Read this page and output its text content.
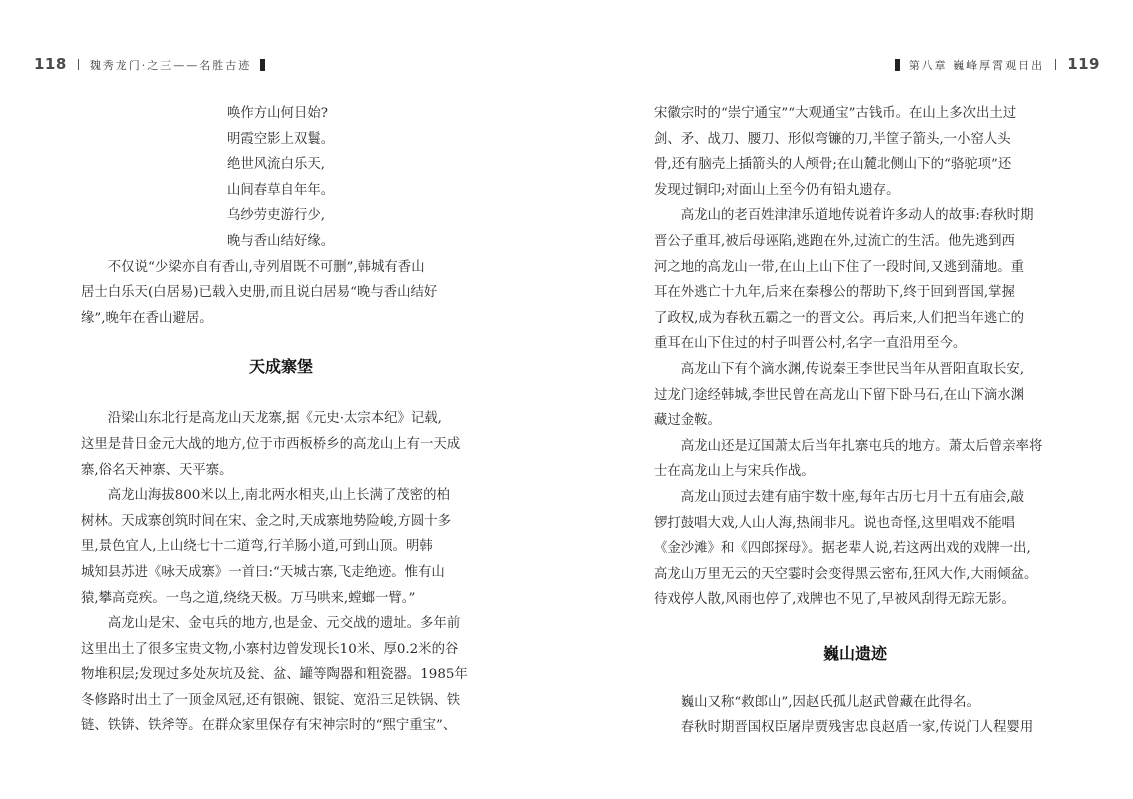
118 魏秀龙门·之三——名胜古迹	第八章 巍峰厚霄观日出 119

唤作方山何日始?

明霞空影上双鬟。

绝世风流白乐天,

山间春草自年年。

乌纱劳吏游行少,

晚与香山结好缘。

不仅说“少梁亦自有香山,寺列眉既不可删”,韩城有香山

居士白乐天(白居易)已载入史册,而且说白居易“晚与香山结好

缘”,晚年在香山避居。

天成寨堡

沿梁山东北行是高龙山天龙寨,据《元史·太宗本纪》记载,

这里是昔日金元大战的地方,位于市西板桥乡的高龙山上有一天成

寨,俗名天神寨、天平寨。

高龙山海拔800米以上,南北两水相夹,山上长满了茂密的柏

树林。天成寨创筑时间在宋、金之时,天成寨地势险峻,方圆十多

里,景色宜人,上山绕七十二道弯,行羊肠小道,可到山顶。明韩

城知县苏进《咏天成寨》一首曰:“天城古寨,飞走绝迹。惟有山

猿,攀高竞疾。一鸟之道,绕绕天极。万马哄来,螳螂一臂。”

高龙山是宋、金屯兵的地方,也是金、元交战的遗址。多年前

这里出土了很多宝贵文物,小寨村边曾发现长10米、厚0.2米的谷

物堆积层;发现过多处灰坑及瓮、盆、罐等陶器和粗瓷器。1985年

冬修路时出土了一顶金凤冠,还有银碗、银锭、宽沿三足铁锅、铁

链、铁锛、铁斧等。在群众家里保存有宋神宗时的“熙宁重宝”、

宋徽宗时的“崇宁通宝”“大观通宝”古钱币。在山上多次出土过

剑、矛、战刀、腰刀、形似弯镰的刀,半筐子箭头,一小窑人头

骨,还有脑壳上插箭头的人颅骨;在山麓北侧山下的“骆驼项”还

发现过铜印;对面山上至今仍有铅丸遗存。

高龙山的老百姓津津乐道地传说着许多动人的故事:春秋时期

晋公子重耳,被后母诬陷,逃跑在外,过流亡的生活。他先逃到西

河之地的高龙山一带,在山上山下住了一段时间,又逃到蒲地。重

耳在外逃亡十九年,后来在秦穆公的帮助下,终于回到晋国,掌握

了政权,成为春秋五霸之一的晋文公。再后来,人们把当年逃亡的

重耳在山下住过的村子叫晋公村,名字一直沿用至今。

高龙山下有个滴水渊,传说秦王李世民当年从晋阳直取长安,

过龙门途经韩城,李世民曾在高龙山下留下卧马石,在山下滴水渊

藏过金鞍。

高龙山还是辽国萧太后当年扎寨屯兵的地方。萧太后曾亲率将

士在高龙山上与宋兵作战。

高龙山顶过去建有庙宇数十座,每年古历七月十五有庙会,敲

锣打鼓唱大戏,人山人海,热闹非凡。说也奇怪,这里唱戏不能唱

《金沙滩》和《四郎探母》。据老辈人说,若这两出戏的戏牌一出,

高龙山万里无云的天空霎时会变得黑云密布,狂风大作,大雨倾盆。

待戏停人散,风雨也停了,戏牌也不见了,早被风刮得无踪无影。

巍山遗迹

巍山又称“救郎山”,因赵氏孤儿赵武曾藏在此得名。

春秋时期晋国权臣屠岸贾残害忠良赵盾一家,传说门人程婴用
